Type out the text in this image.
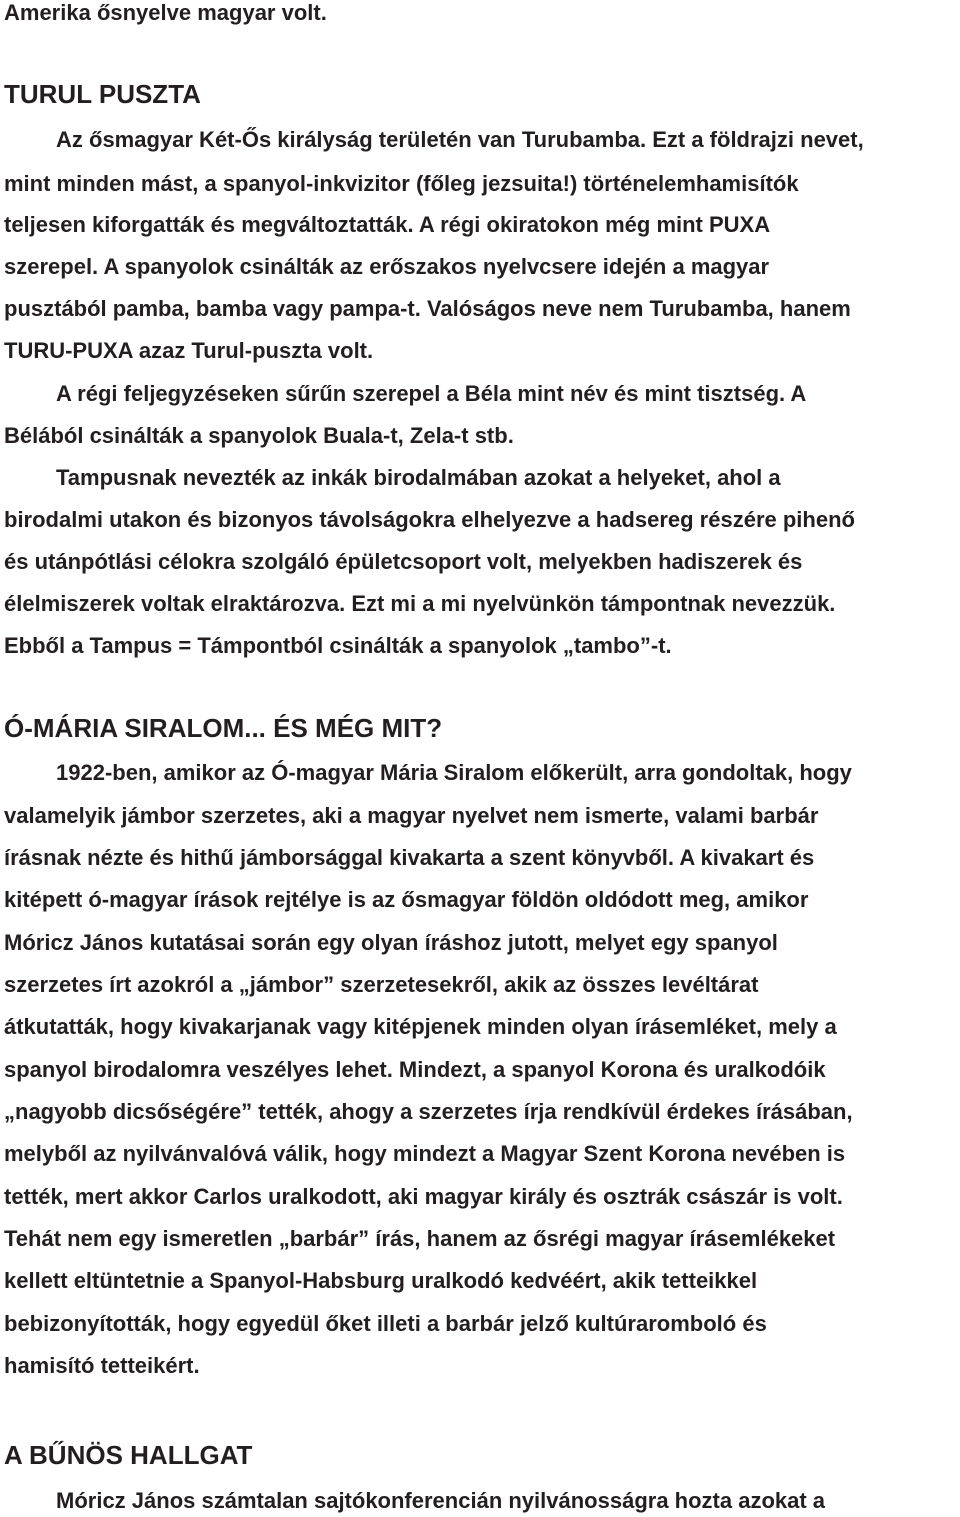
Amerika ősnyelve magyar volt.
TURUL PUSZTA
Az ősmagyar Két-Ős királyság területén van Turubamba. Ezt a földrajzi nevet,
mint minden mást, a spanyol-inkvizitor (főleg jezsuita!) történelemhamisítók
teljesen kiforgatták és megváltoztatták. A régi okiratokon még mint PUXA
szerepel. A spanyolok csinálták az erőszakos nyelvcsere idején a magyar
pusztából pamba, bamba vagy pampa-t. Valóságos neve nem Turubamba, hanem
TURU-PUXA azaz Turul-puszta volt.
A régi feljegyzéseken sűrűn szerepel a Béla mint név és mint tisztség. A
Bélából csinálták a spanyolok Buala-t, Zela-t stb.
Tampusnak nevezték az inkák birodalmában azokat a helyeket, ahol a
birodalmi utakon és bizonyos távolságokra elhelyezve a hadsereg részére pihenő
és utánpótlási célokra szolgáló épületcsoport volt, melyekben hadiszerek és
élelmiszerek voltak elraktározva. Ezt mi a mi nyelvünkön támpontnak nevezzük.
Ebből a Tampus = Támpontból csinálták a spanyolok „tambo”-t.
Ó-MÁRIA SIRALOM... ÉS MÉG MIT?
1922-ben, amikor az Ó-magyar Mária Siralom előkerült, arra gondoltak, hogy
valamelyik jámbor szerzetes, aki a magyar nyelvet nem ismerte, valami barbár
írásnak nézte és hithű jámborsággal kivakarta a szent könyvből. A kivakart és
kitépett ó-magyar írások rejtélye is az ősmagyar földön oldódott meg, amikor
Móricz János kutatásai során egy olyan íráshoz jutott, melyet egy spanyol
szerzetes írt azokról a „jámbor” szerzetesekről, akik az összes levéltárat
átkutatták, hogy kivakarjanak vagy kitépjenek minden olyan írásemléket, mely a
spanyol birodalomra veszélyes lehet. Mindezt, a spanyol Korona és uralkodóik
„nagyobb dicsőségére” tették, ahogy a szerzetes írja rendkívül érdekes írásában,
melyből az nyilvánvalóvá válik, hogy mindezt a Magyar Szent Korona nevében is
tették, mert akkor Carlos uralkodott, aki magyar király és osztrák császár is volt.
Tehát nem egy ismeretlen „barbár” írás, hanem az ősrégi magyar írásemlékeket
kellett eltüntetnie a Spanyol-Habsburg uralkodó kedvéért, akik tetteikkel
bebizonyították, hogy egyedül őket illeti a barbár jelző kultúraromboló és
hamisító tetteikért.
A BŰNÖS HALLGAT
Móricz János számtalan sajtókonferencián nyilvánosságra hozta azokat a
